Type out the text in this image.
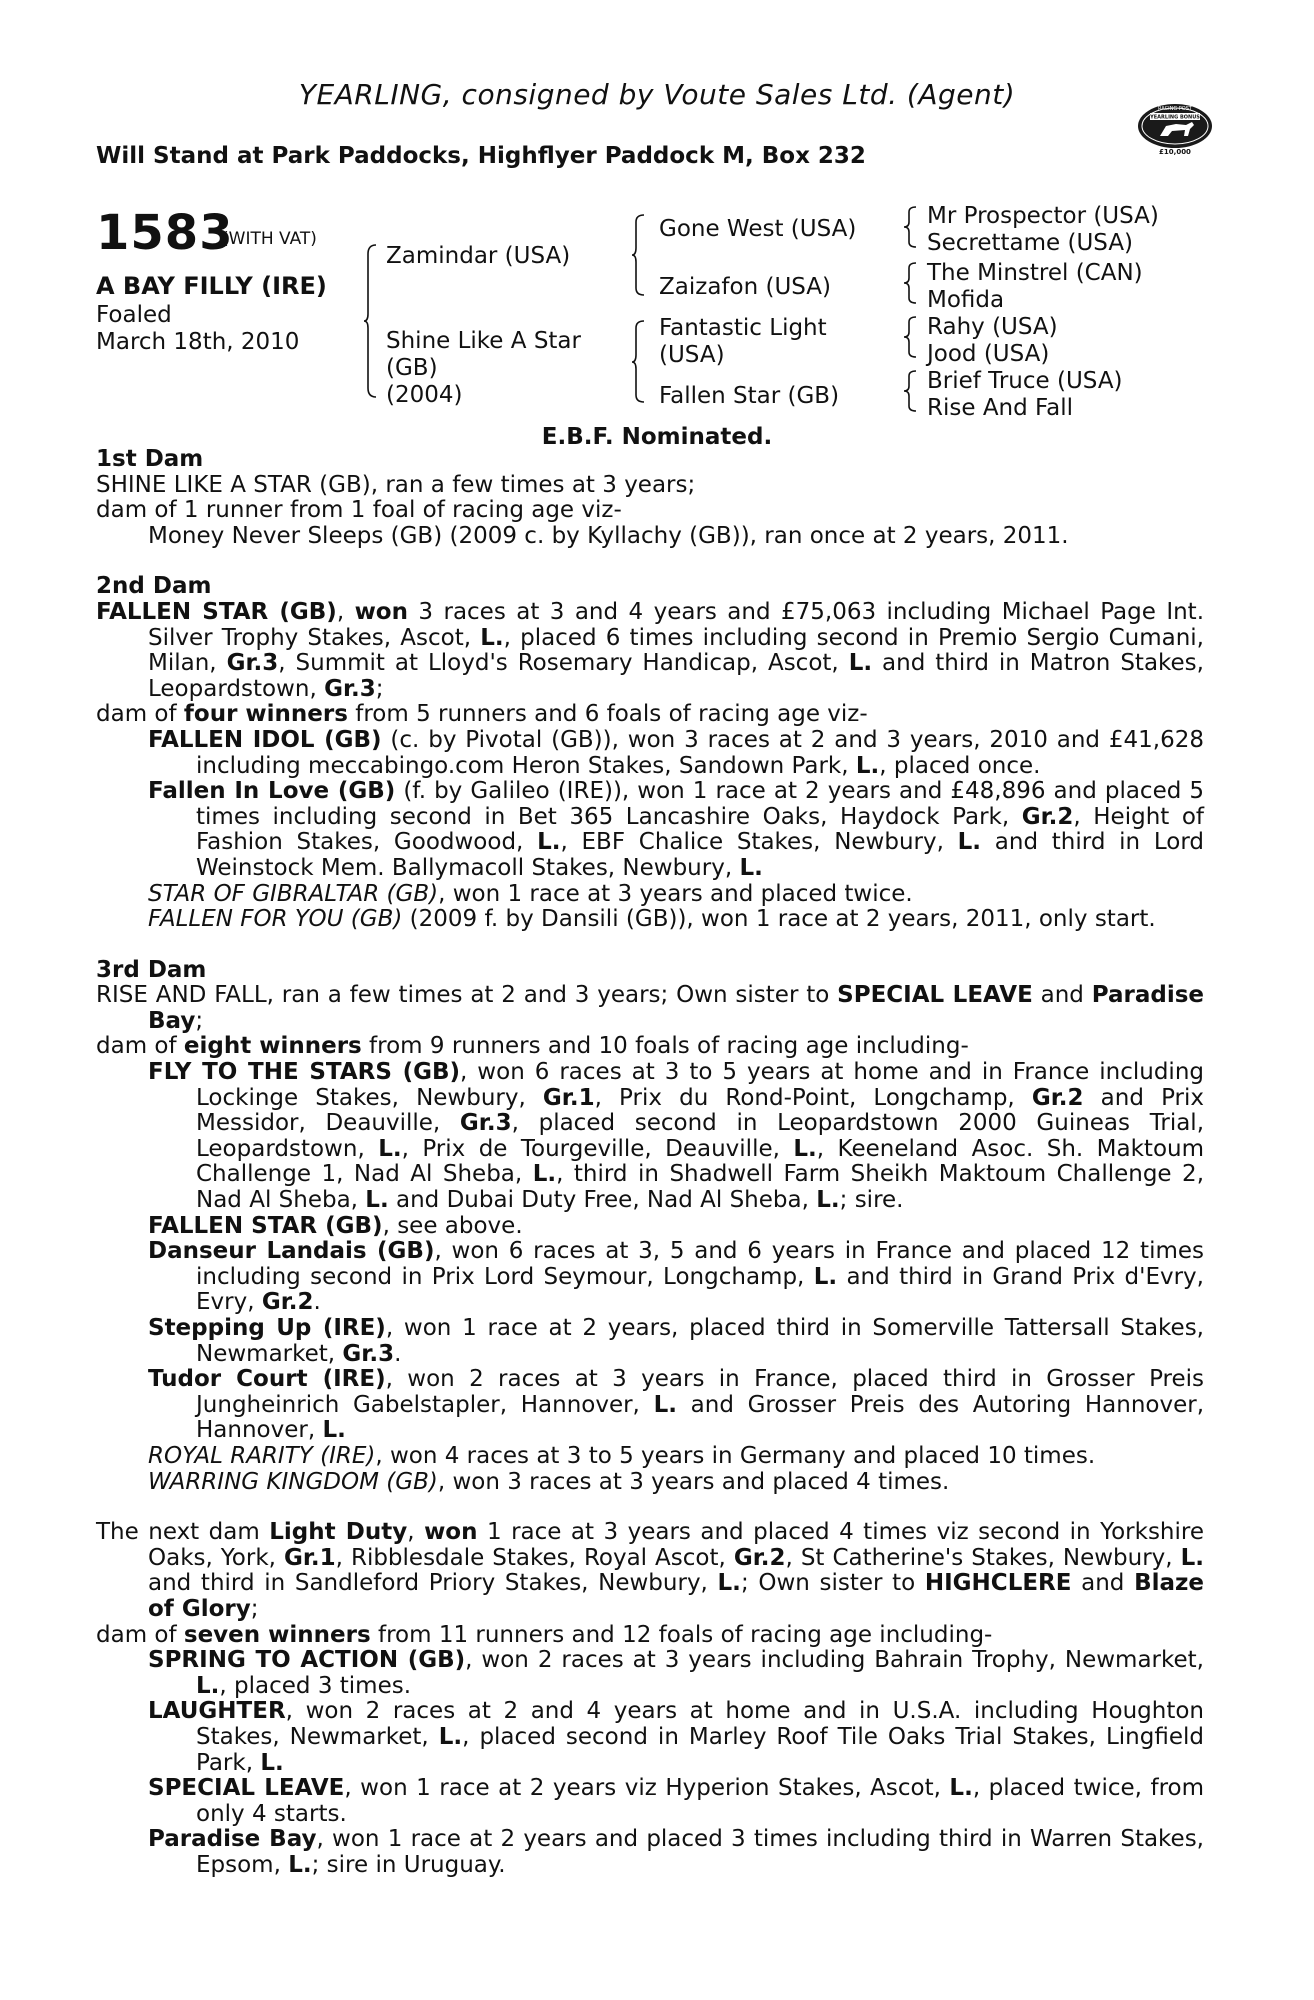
YEARLING, consigned by Voute Sales Ltd. (Agent)
Will Stand at Park Paddocks, Highflyer Paddock M, Box 232
RACING POST
YEARLING BONUS
£10,000
1583
(WITH VAT)
A BAY FILLY (IRE)
Foaled
March 18th, 2010
Zamindar (USA)
Shine Like A Star
(GB)
(2004)
Gone West (USA)
Zaizafon (USA)
Fantastic Light
(USA)
Fallen Star (GB)
Mr Prospector (USA)
Secrettame (USA)
The Minstrel (CAN)
Mofida
Rahy (USA)
Jood (USA)
Brief Truce (USA)
Rise And Fall
E.B.F. Nominated.

1st Dam

SHINE LIKE A STAR (GB), ran a few times at 3 years;

dam of 1 runner from 1 foal of racing age viz-

Money Never Sleeps (GB) (2009 c. by Kyllachy (GB)), ran once at 2 years, 2011.

2nd Dam

FALLEN STAR (GB), won 3 races at 3 and 4 years and £75,063 including Michael Page Int. Silver Trophy Stakes, Ascot, L., placed 6 times including second in Premio Sergio Cumani, Milan, Gr.3, Summit at Lloyd's Rosemary Handicap, Ascot, L. and third in Matron Stakes, Leopardstown, Gr.3;

dam of four winners from 5 runners and 6 foals of racing age viz-

FALLEN IDOL (GB) (c. by Pivotal (GB)), won 3 races at 2 and 3 years, 2010 and £41,628 including meccabingo.com Heron Stakes, Sandown Park, L., placed once.

Fallen In Love (GB) (f. by Galileo (IRE)), won 1 race at 2 years and £48,896 and placed 5 times including second in Bet 365 Lancashire Oaks, Haydock Park, Gr.2, Height of Fashion Stakes, Goodwood, L., EBF Chalice Stakes, Newbury, L. and third in Lord Weinstock Mem. Ballymacoll Stakes, Newbury, L.

STAR OF GIBRALTAR (GB), won 1 race at 3 years and placed twice.

FALLEN FOR YOU (GB) (2009 f. by Dansili (GB)), won 1 race at 2 years, 2011, only start.

3rd Dam

RISE AND FALL, ran a few times at 2 and 3 years; Own sister to SPECIAL LEAVE and Paradise Bay;

dam of eight winners from 9 runners and 10 foals of racing age including-

FLY TO THE STARS (GB), won 6 races at 3 to 5 years at home and in France including Lockinge Stakes, Newbury, Gr.1, Prix du Rond-Point, Longchamp, Gr.2 and Prix Messidor, Deauville, Gr.3, placed second in Leopardstown 2000 Guineas Trial, Leopardstown, L., Prix de Tourgeville, Deauville, L., Keeneland Asoc. Sh. Maktoum Challenge 1, Nad Al Sheba, L., third in Shadwell Farm Sheikh Maktoum Challenge 2, Nad Al Sheba, L. and Dubai Duty Free, Nad Al Sheba, L.; sire.

FALLEN STAR (GB), see above.

Danseur Landais (GB), won 6 races at 3, 5 and 6 years in France and placed 12 times including second in Prix Lord Seymour, Longchamp, L. and third in Grand Prix d'Evry, Evry, Gr.2.

Stepping Up (IRE), won 1 race at 2 years, placed third in Somerville Tattersall Stakes, Newmarket, Gr.3.

Tudor Court (IRE), won 2 races at 3 years in France, placed third in Grosser Preis Jungheinrich Gabelstapler, Hannover, L. and Grosser Preis des Autoring Hannover, Hannover, L.

ROYAL RARITY (IRE), won 4 races at 3 to 5 years in Germany and placed 10 times.

WARRING KINGDOM (GB), won 3 races at 3 years and placed 4 times.

The next dam Light Duty, won 1 race at 3 years and placed 4 times viz second in Yorkshire Oaks, York, Gr.1, Ribblesdale Stakes, Royal Ascot, Gr.2, St Catherine's Stakes, Newbury, L. and third in Sandleford Priory Stakes, Newbury, L.; Own sister to HIGHCLERE and Blaze of Glory;

dam of seven winners from 11 runners and 12 foals of racing age including-

SPRING TO ACTION (GB), won 2 races at 3 years including Bahrain Trophy, Newmarket, L., placed 3 times.

LAUGHTER, won 2 races at 2 and 4 years at home and in U.S.A. including Houghton Stakes, Newmarket, L., placed second in Marley Roof Tile Oaks Trial Stakes, Lingfield Park, L.

SPECIAL LEAVE, won 1 race at 2 years viz Hyperion Stakes, Ascot, L., placed twice, from only 4 starts.

Paradise Bay, won 1 race at 2 years and placed 3 times including third in Warren Stakes, Epsom, L.; sire in Uruguay.
